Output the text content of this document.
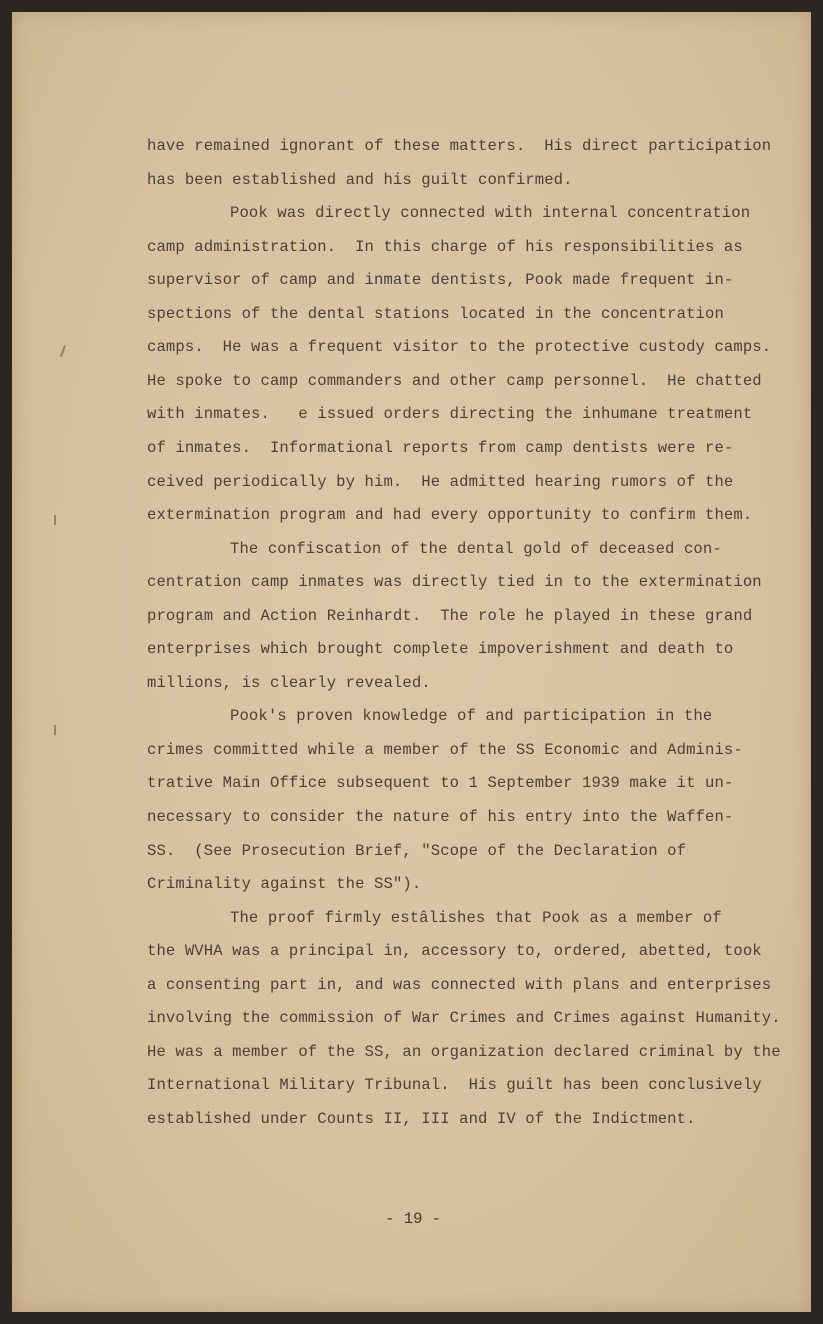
have remained ignorant of these matters.  His direct participation
has been established and his guilt confirmed.
Pook was directly connected with internal concentration
camp administration.  In this charge of his responsibilities as
supervisor of camp and inmate dentists, Pook made frequent in-
spections of the dental stations located in the concentration
camps.  He was a frequent visitor to the protective custody camps.
He spoke to camp commanders and other camp personnel.  He chatted
with inmates.   e issued orders directing the inhumane treatment
of inmates.  Informational reports from camp dentists were re-
ceived periodically by him.  He admitted hearing rumors of the
extermination program and had every opportunity to confirm them.
The confiscation of the dental gold of deceased con-
centration camp inmates was directly tied in to the extermination
program and Action Reinhardt.  The role he played in these grand
enterprises which brought complete impoverishment and death to
millions, is clearly revealed.
Pook's proven knowledge of and participation in the
crimes committed while a member of the SS Economic and Adminis-
trative Main Office subsequent to 1 September 1939 make it un-
necessary to consider the nature of his entry into the Waffen-
SS.  (See Prosecution Brief, "Scope of the Declaration of
Criminality against the SS").
The proof firmly estâlishes that Pook as a member of
the WVHA was a principal in, accessory to, ordered, abetted, took
a consenting part in, and was connected with plans and enterprises
involving the commission of War Crimes and Crimes against Humanity.
He was a member of the SS, an organization declared criminal by the
International Military Tribunal.  His guilt has been conclusively
established under Counts II, III and IV of the Indictment.
- 19 -
